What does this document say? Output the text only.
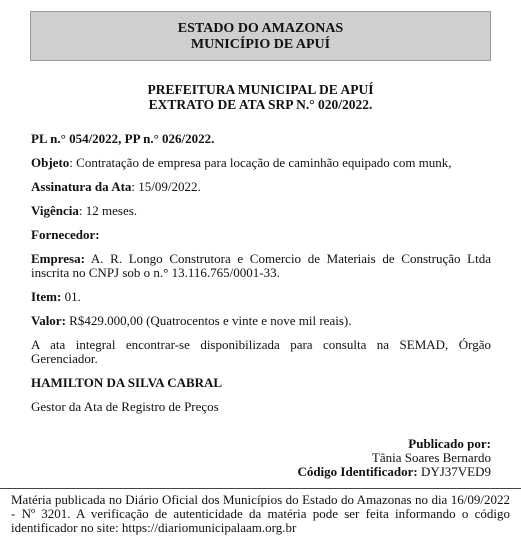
ESTADO DO AMAZONAS
MUNICÍPIO DE APUÍ
PREFEITURA MUNICIPAL DE APUÍ
EXTRATO DE ATA SRP N.° 020/2022.

PL n.° 054/2022, PP n.° 026/2022.

Objeto: Contratação de empresa para locação de caminhão equipado com munk,

Assinatura da Ata: 15/09/2022.

Vigência: 12 meses.

Fornecedor:

Empresa: A. R. Longo Construtora e Comercio de Materiais de Construção Ltda inscrita no CNPJ sob o n.° 13.116.765/0001-33.

Item: 01.

Valor: R$429.000,00 (Quatrocentos e vinte e nove mil reais).

A ata integral encontrar-se disponibilizada para consulta na SEMAD, Órgão Gerenciador.

HAMILTON DA SILVA CABRAL

Gestor da Ata de Registro de Preços

Publicado por:
Tânia Soares Bernardo
Código Identificador: DYJ37VED9
Matéria publicada no Diário Oficial dos Municípios do Estado do Amazonas no dia 16/09/2022 - Nº 3201. A verificação de autenticidade da matéria pode ser feita informando o código identificador no site: https://diariomunicipalaam.org.br
